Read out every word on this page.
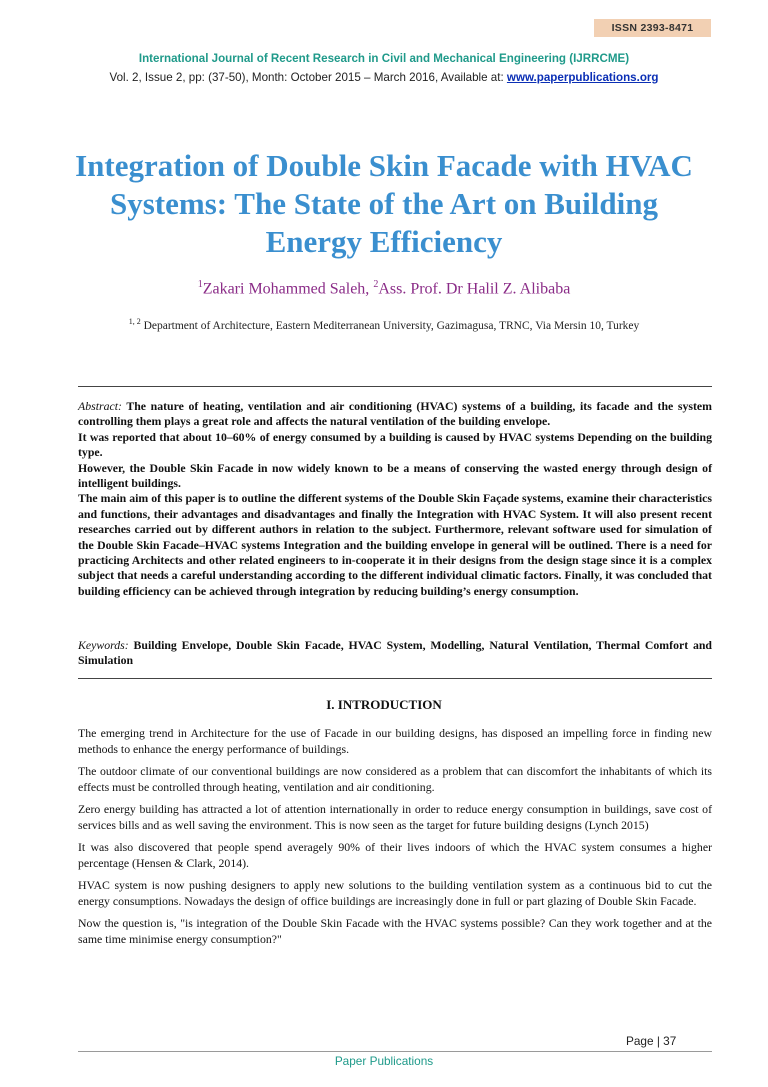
ISSN 2393-8471
International Journal of Recent Research in Civil and Mechanical Engineering (IJRRCME)
Vol. 2, Issue 2, pp: (37-50), Month: October 2015 – March 2016, Available at: www.paperpublications.org
Integration of Double Skin Facade with HVAC Systems: The State of the Art on Building Energy Efficiency
$^1$Zakari Mohammed Saleh, $^2$Ass. Prof. Dr Halil Z. Alibaba
$^{1, 2}$ Department of Architecture, Eastern Mediterranean University, Gazimagusa, TRNC, Via Mersin 10, Turkey

Abstract: The nature of heating, ventilation and air conditioning (HVAC) systems of a building, its facade and the system controlling them plays a great role and affects the natural ventilation of the building envelope.

It was reported that about 10–60% of energy consumed by a building is caused by HVAC systems Depending on the building type.

However, the Double Skin Facade in now widely known to be a means of conserving the wasted energy through design of intelligent buildings.

The main aim of this paper is to outline the different systems of the Double Skin Façade systems, examine their characteristics and functions, their advantages and disadvantages and finally the Integration with HVAC System. It will also present recent researches carried out by different authors in relation to the subject. Furthermore, relevant software used for simulation of the Double Skin Facade–HVAC systems Integration and the building envelope in general will be outlined. There is a need for practicing Architects and other related engineers to in-cooperate it in their designs from the design stage since it is a complex subject that needs a careful understanding according to the different individual climatic factors. Finally, it was concluded that building efficiency can be achieved through integration by reducing building’s energy consumption.

Keywords: Building Envelope, Double Skin Facade, HVAC System, Modelling, Natural Ventilation, Thermal Comfort and Simulation
I. INTRODUCTION

The emerging trend in Architecture for the use of Facade in our building designs, has disposed an impelling force in finding new methods to enhance the energy performance of buildings.

The outdoor climate of our conventional buildings are now considered as a problem that can discomfort the inhabitants of which its effects must be controlled through heating, ventilation and air conditioning.

Zero energy building has attracted a lot of attention internationally in order to reduce energy consumption in buildings, save cost of services bills and as well saving the environment. This is now seen as the target for future building designs (Lynch 2015)

It was also discovered that people spend averagely 90% of their lives indoors of which the HVAC system consumes a higher percentage (Hensen & Clark, 2014).

HVAC system is now pushing designers to apply new solutions to the building ventilation system as a continuous bid to cut the energy consumptions. Nowadays the design of office buildings are increasingly done in full or part glazing of Double Skin Facade.

Now the question is, "is integration of the Double Skin Facade with the HVAC systems possible? Can they work together and at the same time minimise energy consumption?"

Page | 37
Paper Publications
